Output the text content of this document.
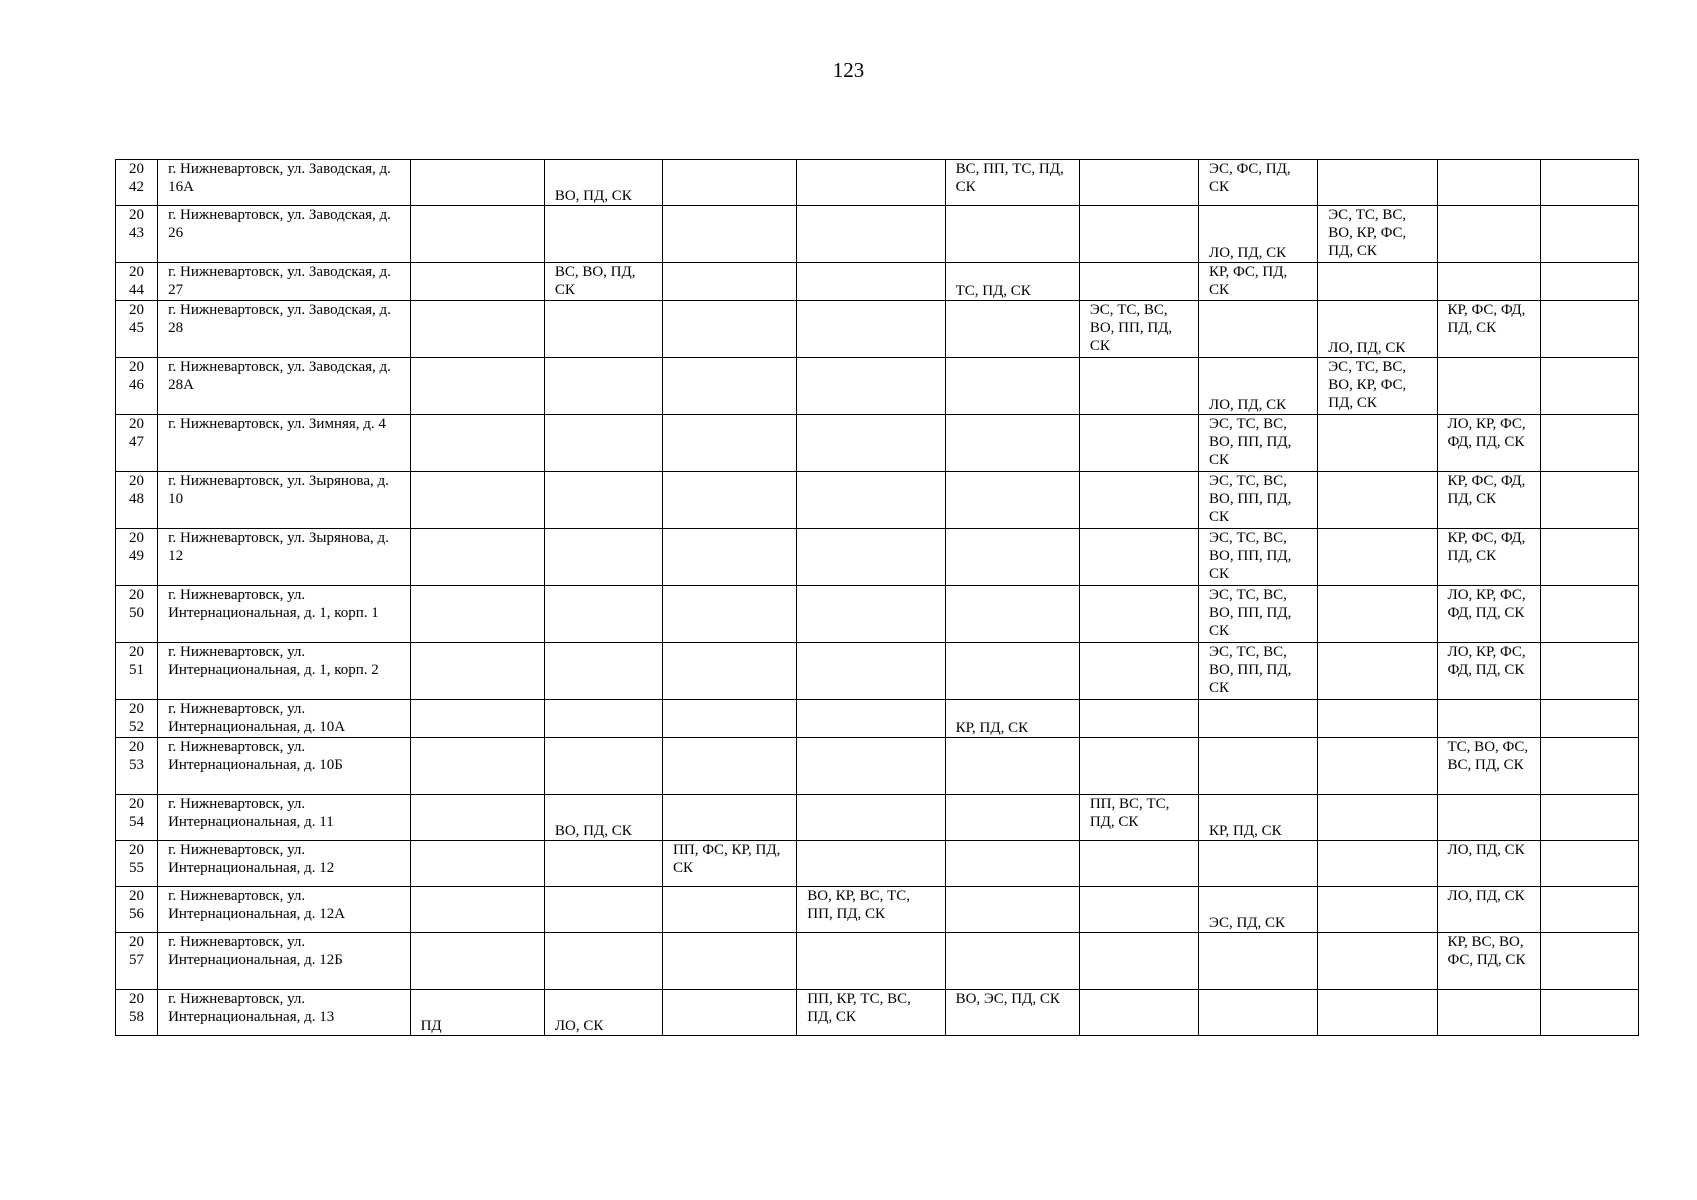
123
20
42	г. Нижневартовск, ул. Заводская, д. 16А		ВО, ПД, СК			ВС, ПП, ТС, ПД, СК		ЭС, ФС, ПД, СК			

20
43	г. Нижневартовск, ул. Заводская, д. 26							ЛО, ПД, СК	ЭС, ТС, ВС, ВО, КР, ФС, ПД, СК		

20
44	г. Нижневартовск, ул. Заводская, д. 27		ВС, ВО, ПД, СК			ТС, ПД, СК		КР, ФС, ПД, СК			

20
45	г. Нижневартовск, ул. Заводская, д. 28						ЭС, ТС, ВС, ВО, ПП, ПД, СК		ЛО, ПД, СК	КР, ФС, ФД, ПД, СК	

20
46	г. Нижневартовск, ул. Заводская, д. 28А							ЛО, ПД, СК	ЭС, ТС, ВС, ВО, КР, ФС, ПД, СК		

20
47	г. Нижневартовск, ул. Зимняя, д. 4							ЭС, ТС, ВС, ВО, ПП, ПД, СК		ЛО, КР, ФС, ФД, ПД, СК	

20
48	г. Нижневартовск, ул. Зырянова, д. 10							ЭС, ТС, ВС, ВО, ПП, ПД, СК		КР, ФС, ФД, ПД, СК	

20
49	г. Нижневартовск, ул. Зырянова, д. 12							ЭС, ТС, ВС, ВО, ПП, ПД, СК		КР, ФС, ФД, ПД, СК	

20
50	г. Нижневартовск, ул. Интернациональная, д. 1, корп. 1							ЭС, ТС, ВС, ВО, ПП, ПД, СК		ЛО, КР, ФС, ФД, ПД, СК	

20
51	г. Нижневартовск, ул. Интернациональная, д. 1, корп. 2							ЭС, ТС, ВС, ВО, ПП, ПД, СК		ЛО, КР, ФС, ФД, ПД, СК	

20
52	г. Нижневартовск, ул. Интернациональная, д. 10А					КР, ПД, СК					

20
53	г. Нижневартовск, ул. Интернациональная, д. 10Б									ТС, ВО, ФС, ВС, ПД, СК	

20
54	г. Нижневартовск, ул. Интернациональная, д. 11		ВО, ПД, СК				ПП, ВС, ТС, ПД, СК	КР, ПД, СК			

20
55	г. Нижневартовск, ул. Интернациональная, д. 12			ПП, ФС, КР, ПД, СК						ЛО, ПД, СК	

20
56	г. Нижневартовск, ул. Интернациональная, д. 12А				ВО, КР, ВС, ТС, ПП, ПД, СК			ЭС, ПД, СК		ЛО, ПД, СК	

20
57	г. Нижневартовск, ул. Интернациональная, д. 12Б									КР, ВС, ВО, ФС, ПД, СК	

20
58	г. Нижневартовск, ул. Интернациональная, д. 13	ПД	ЛО, СК		ПП, КР, ТС, ВС, ПД, СК	ВО, ЭС, ПД, СК					
